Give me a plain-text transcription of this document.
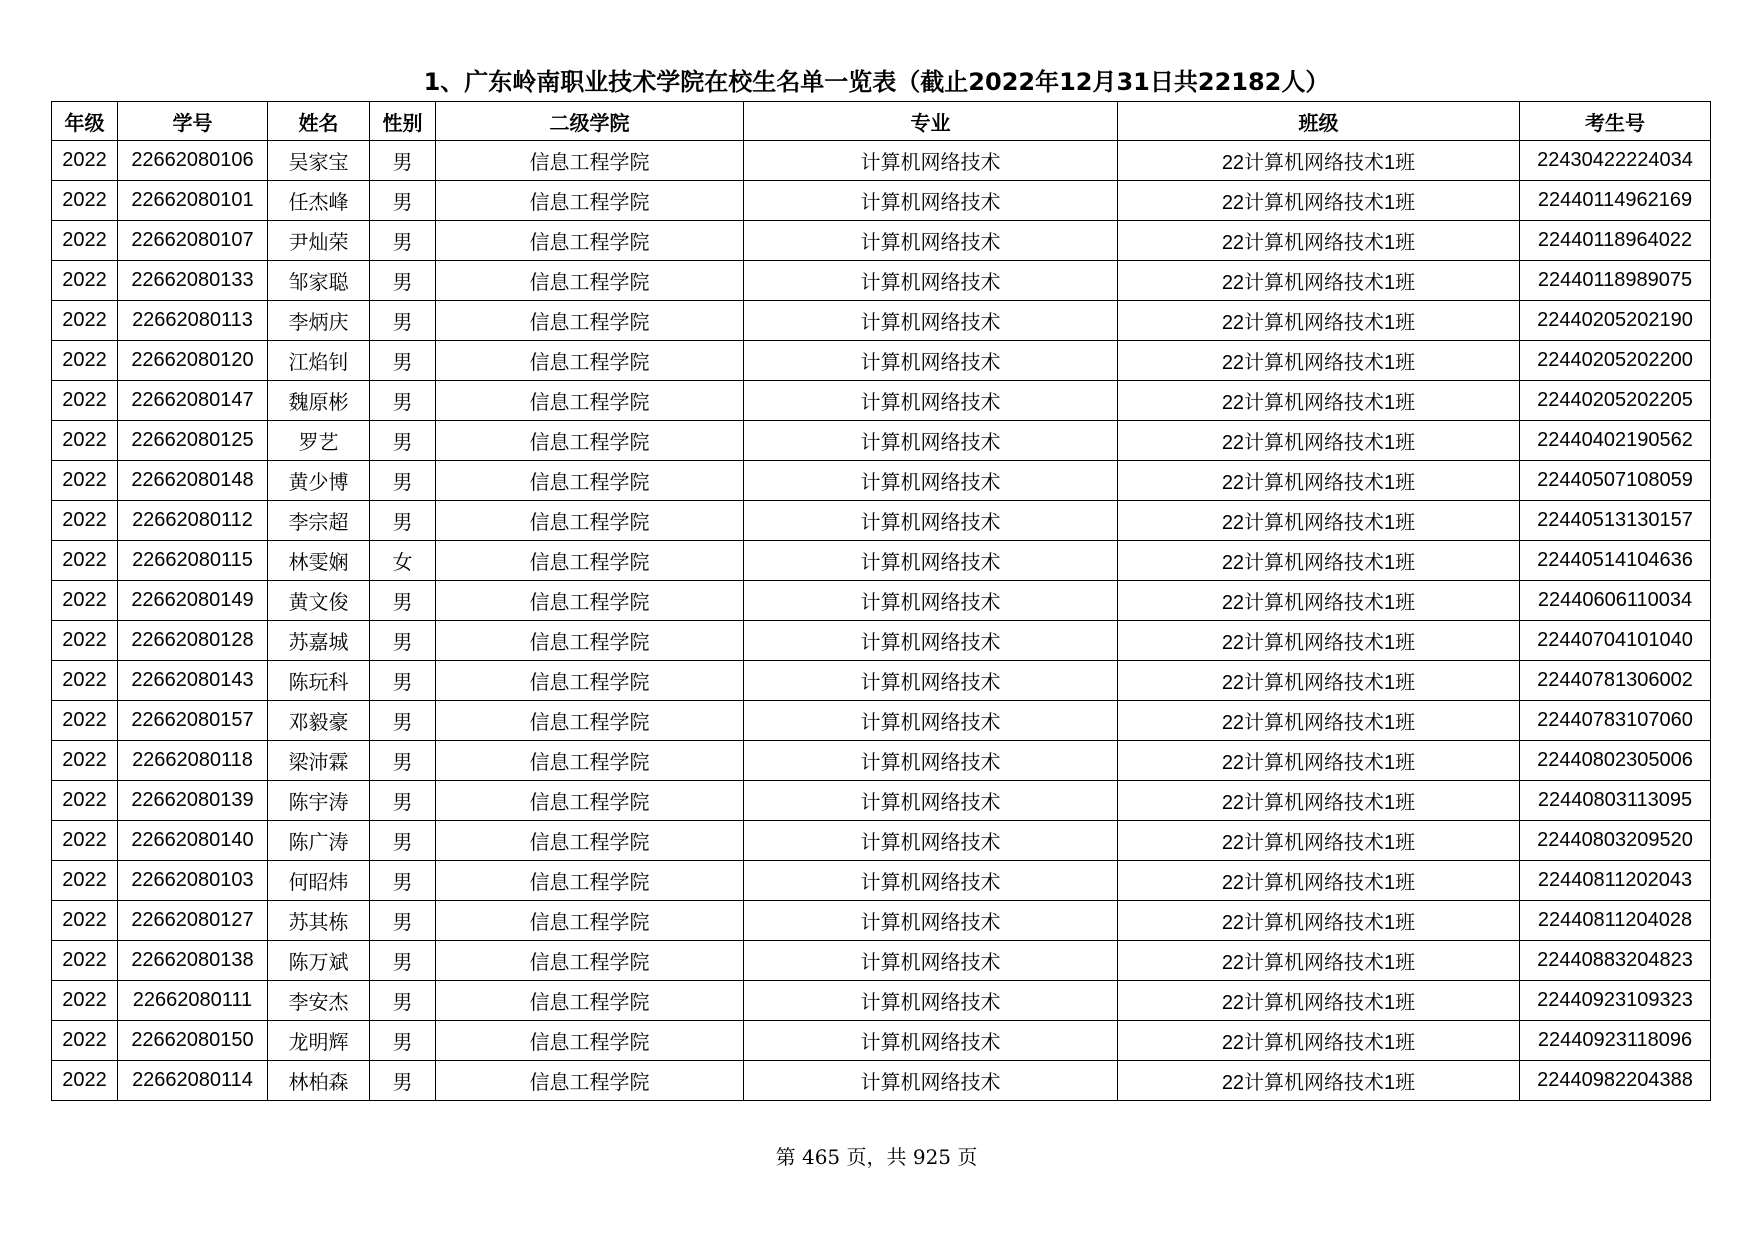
1、广东岭南职业技术学院在校生名单一览表（截止2022年12月31日共22182人）
年级	学号	姓名	性别	二级学院	专业	班级	考生号
2022	22662080106	吴家宝	男	信息工程学院	计算机网络技术	22计算机网络技术1班	22430422224034
2022	22662080101	任杰峰	男	信息工程学院	计算机网络技术	22计算机网络技术1班	22440114962169
2022	22662080107	尹灿荣	男	信息工程学院	计算机网络技术	22计算机网络技术1班	22440118964022
2022	22662080133	邹家聪	男	信息工程学院	计算机网络技术	22计算机网络技术1班	22440118989075
2022	22662080113	李炳庆	男	信息工程学院	计算机网络技术	22计算机网络技术1班	22440205202190
2022	22662080120	江焰钊	男	信息工程学院	计算机网络技术	22计算机网络技术1班	22440205202200
2022	22662080147	魏原彬	男	信息工程学院	计算机网络技术	22计算机网络技术1班	22440205202205
2022	22662080125	罗艺	男	信息工程学院	计算机网络技术	22计算机网络技术1班	22440402190562
2022	22662080148	黄少博	男	信息工程学院	计算机网络技术	22计算机网络技术1班	22440507108059
2022	22662080112	李宗超	男	信息工程学院	计算机网络技术	22计算机网络技术1班	22440513130157
2022	22662080115	林雯娴	女	信息工程学院	计算机网络技术	22计算机网络技术1班	22440514104636
2022	22662080149	黄文俊	男	信息工程学院	计算机网络技术	22计算机网络技术1班	22440606110034
2022	22662080128	苏嘉城	男	信息工程学院	计算机网络技术	22计算机网络技术1班	22440704101040
2022	22662080143	陈玩科	男	信息工程学院	计算机网络技术	22计算机网络技术1班	22440781306002
2022	22662080157	邓毅豪	男	信息工程学院	计算机网络技术	22计算机网络技术1班	22440783107060
2022	22662080118	梁沛霖	男	信息工程学院	计算机网络技术	22计算机网络技术1班	22440802305006
2022	22662080139	陈宇涛	男	信息工程学院	计算机网络技术	22计算机网络技术1班	22440803113095
2022	22662080140	陈广涛	男	信息工程学院	计算机网络技术	22计算机网络技术1班	22440803209520
2022	22662080103	何昭炜	男	信息工程学院	计算机网络技术	22计算机网络技术1班	22440811202043
2022	22662080127	苏其栋	男	信息工程学院	计算机网络技术	22计算机网络技术1班	22440811204028
2022	22662080138	陈万斌	男	信息工程学院	计算机网络技术	22计算机网络技术1班	22440883204823
2022	22662080111	李安杰	男	信息工程学院	计算机网络技术	22计算机网络技术1班	22440923109323
2022	22662080150	龙明辉	男	信息工程学院	计算机网络技术	22计算机网络技术1班	22440923118096
2022	22662080114	林柏森	男	信息工程学院	计算机网络技术	22计算机网络技术1班	22440982204388
第 465 页，共 925 页
